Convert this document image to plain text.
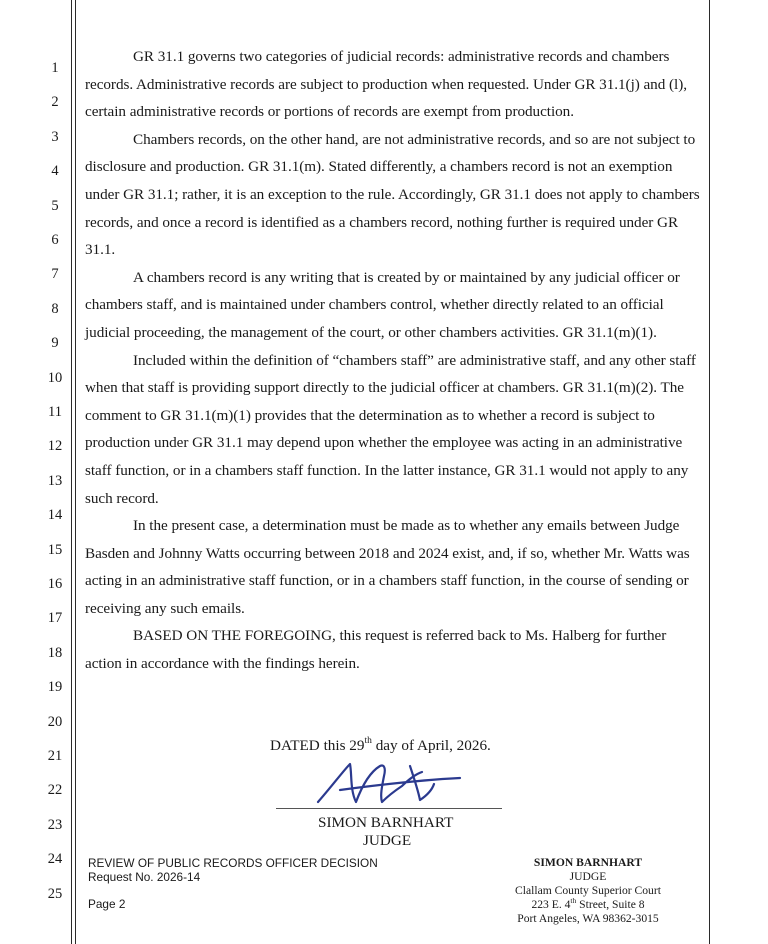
1
2
3
4
5
6
7
8
9
10
11
12
13
14
15
16
17
18
19
20
21
22
23
24
25

GR 31.1 governs two categories of judicial records: administrative records and chambers records. Administrative records are subject to production when requested. Under GR 31.1(j) and (l), certain administrative records or portions of records are exempt from production.

Chambers records, on the other hand, are not administrative records, and so are not subject to disclosure and production. GR 31.1(m). Stated differently, a chambers record is not an exemption under GR 31.1; rather, it is an exception to the rule. Accordingly, GR 31.1 does not apply to chambers records, and once a record is identified as a chambers record, nothing further is required under GR 31.1.

A chambers record is any writing that is created by or maintained by any judicial officer or chambers staff, and is maintained under chambers control, whether directly related to an official judicial proceeding, the management of the court, or other chambers activities. GR 31.1(m)(1).

Included within the definition of “chambers staff” are administrative staff, and any other staff when that staff is providing support directly to the judicial officer at chambers. GR 31.1(m)(2). The comment to GR 31.1(m)(1) provides that the determination as to whether a record is subject to production under GR 31.1 may depend upon whether the employee was acting in an administrative staff function, or in a chambers staff function. In the latter instance, GR 31.1 would not apply to any such record.

In the present case, a determination must be made as to whether any emails between Judge Basden and Johnny Watts occurring between 2018 and 2024 exist, and, if so, whether Mr. Watts was acting in an administrative staff function, or in a chambers staff function, in the course of sending or receiving any such emails.

BASED ON THE FOREGOING, this request is referred back to Ms. Halberg for further action in accordance with the findings herein.

DATED this 29th day of April, 2026.
SIMON BARNHART
JUDGE
REVIEW OF PUBLIC RECORDS OFFICER DECISION
Request No. 2026-14
Page 2
SIMON BARNHART
JUDGE
Clallam County Superior Court
223 E. 4th Street, Suite 8
Port Angeles, WA 98362-3015
